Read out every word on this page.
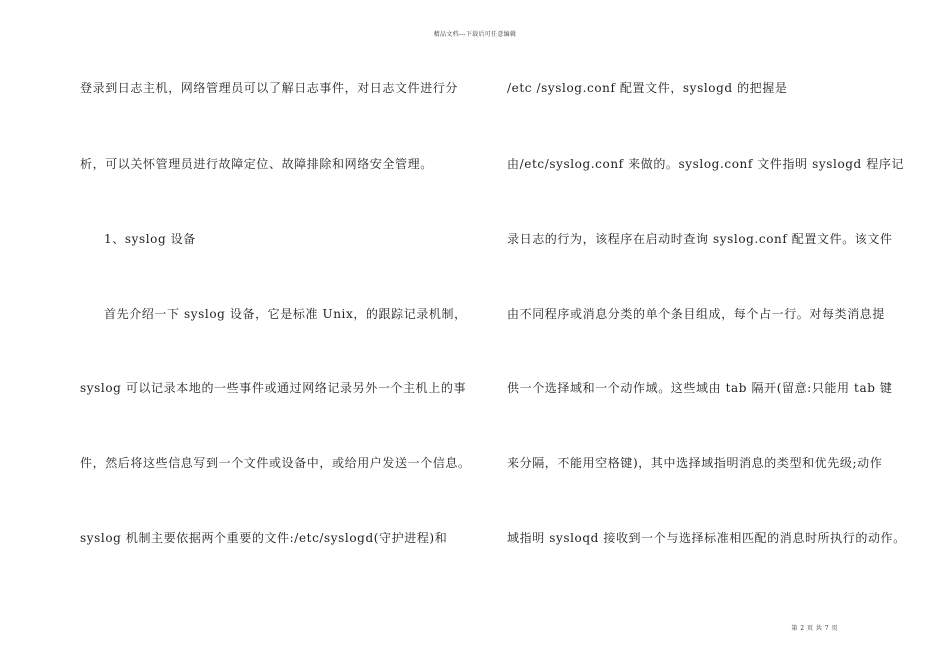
精品文档---下载后可任意编辑
登录到日志主机，网络管理员可以了解日志事件，对日志文件进行分
析，可以关怀管理员进行故障定位、故障排除和网络安全管理。
1、syslog 设备
首先介绍一下 syslog 设备，它是标准 Unix，的跟踪记录机制，
syslog 可以记录本地的一些事件或通过网络记录另外一个主机上的事
件，然后将这些信息写到一个文件或设备中，或给用户发送一个信息。
syslog 机制主要依据两个重要的文件:/etc/syslogd(守护进程)和
/etc /syslog.conf 配置文件，syslogd 的把握是
由/etc/syslog.conf 来做的。syslog.conf 文件指明 syslogd 程序记
录日志的行为，该程序在启动时查询 syslog.conf 配置文件。该文件
由不同程序或消息分类的单个条目组成，每个占一行。对每类消息提
供一个选择域和一个动作域。这些域由 tab 隔开(留意:只能用 tab 键
来分隔，不能用空格键)，其中选择域指明消息的类型和优先级;动作
域指明 sysloqd 接收到一个与选择标准相匹配的消息时所执行的动作。
第 2 页 共 7 页
